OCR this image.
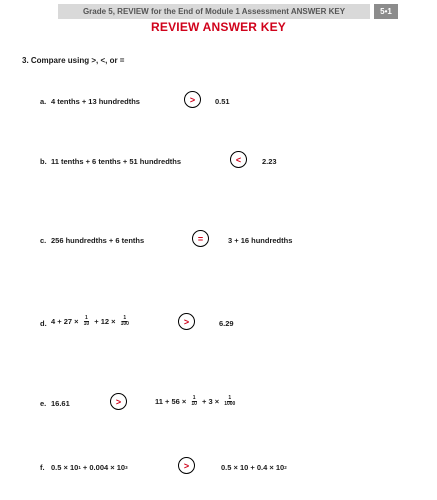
Grade 5, REVIEW for the End of Module 1 Assessment ANSWER KEY	5•1
REVIEW ANSWER KEY
3. Compare using >, <, or =
a. 4 tenths + 13 hundredths	>	0.51
b. 11 tenths + 6 tenths + 51 hundredths	<	2.23
c. 256 hundredths + 6 tenths	=	3 + 16 hundredths
d. $4 + 27 \times \frac{1}{10} + 12 \times \frac{1}{100}$	>	6.29
e. 16.61	>	$11 + 56 \times \frac{1}{10} + 3 \times \frac{1}{1000}$
f. 0.5 × 10 1 + 0.004 × 10 3	>	0.5 × 10 + 0.4 × 10 2
